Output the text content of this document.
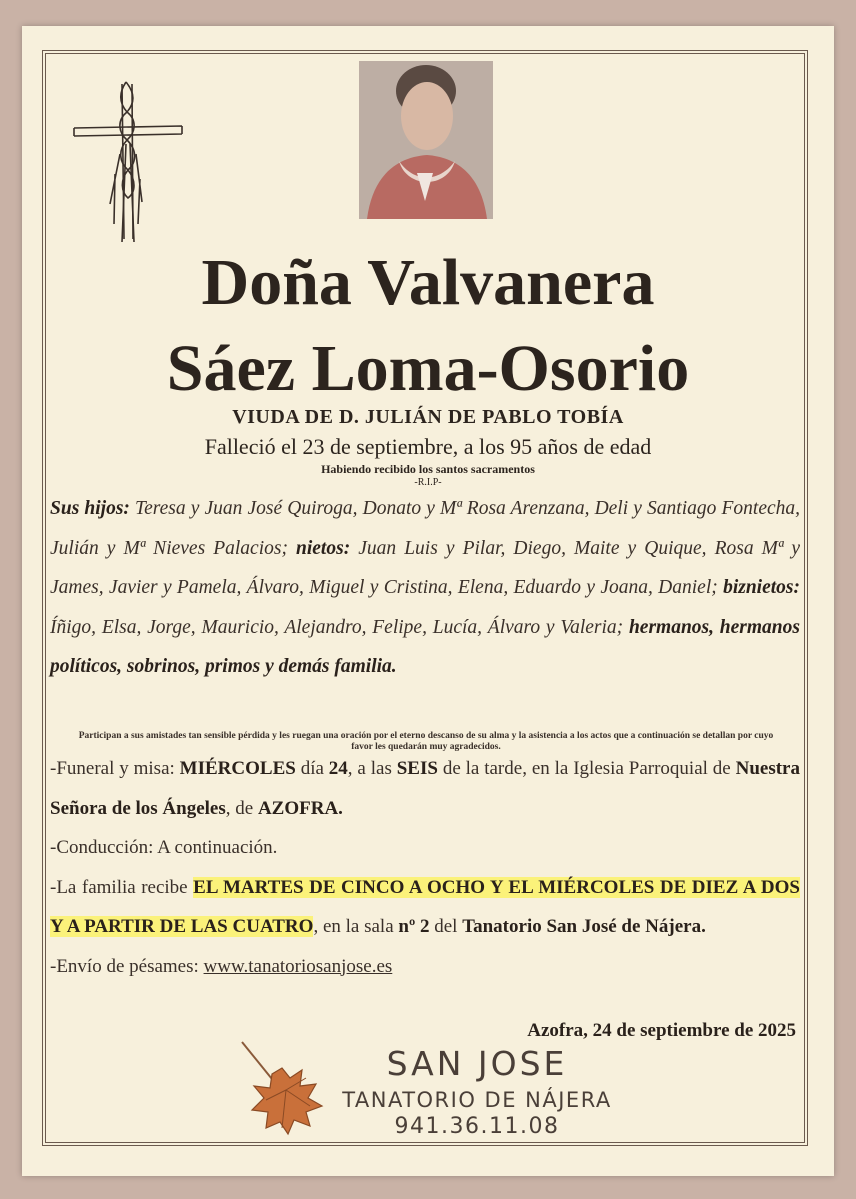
Doña Valvanera
Sáez Loma-Osorio
VIUDA DE D. JULIÁN DE PABLO TOBÍA
Falleció el 23 de septiembre, a los 95 años de edad
Habiendo recibido los santos sacramentos
-R.I.P-
Sus hijos: Teresa y Juan José Quiroga, Donato y Mª Rosa Arenzana, Deli y Santiago Fontecha, Julián y Mª Nieves Palacios; nietos: Juan Luis y Pilar, Diego, Maite y Quique, Rosa Mª y James, Javier y Pamela, Álvaro, Miguel y Cristina, Elena, Eduardo y Joana, Daniel; biznietos: Íñigo, Elsa, Jorge, Mauricio, Alejandro, Felipe, Lucía, Álvaro y Valeria; hermanos, hermanos políticos, sobrinos, primos y demás familia.
Participan a sus amistades tan sensible pérdida y les ruegan una oración por el eterno descanso de su alma y la asistencia a los actos que a continuación se detallan por cuyo favor les quedarán muy agradecidos.

-Funeral y misa: MIÉRCOLES día 24, a las SEIS de la tarde, en la Iglesia Parroquial de Nuestra Señora de los Ángeles, de AZOFRA.

-Conducción: A continuación.

-La familia recibe EL MARTES DE CINCO A OCHO Y EL MIÉRCOLES DE DIEZ A DOS Y A PARTIR DE LAS CUATRO, en la sala nº 2 del Tanatorio San José de Nájera.

-Envío de pésames: www.tanatoriosanjose.es

Azofra, 24 de septiembre de 2025
SAN JOSE
TANATORIO DE NÁJERA
941.36.11.08
